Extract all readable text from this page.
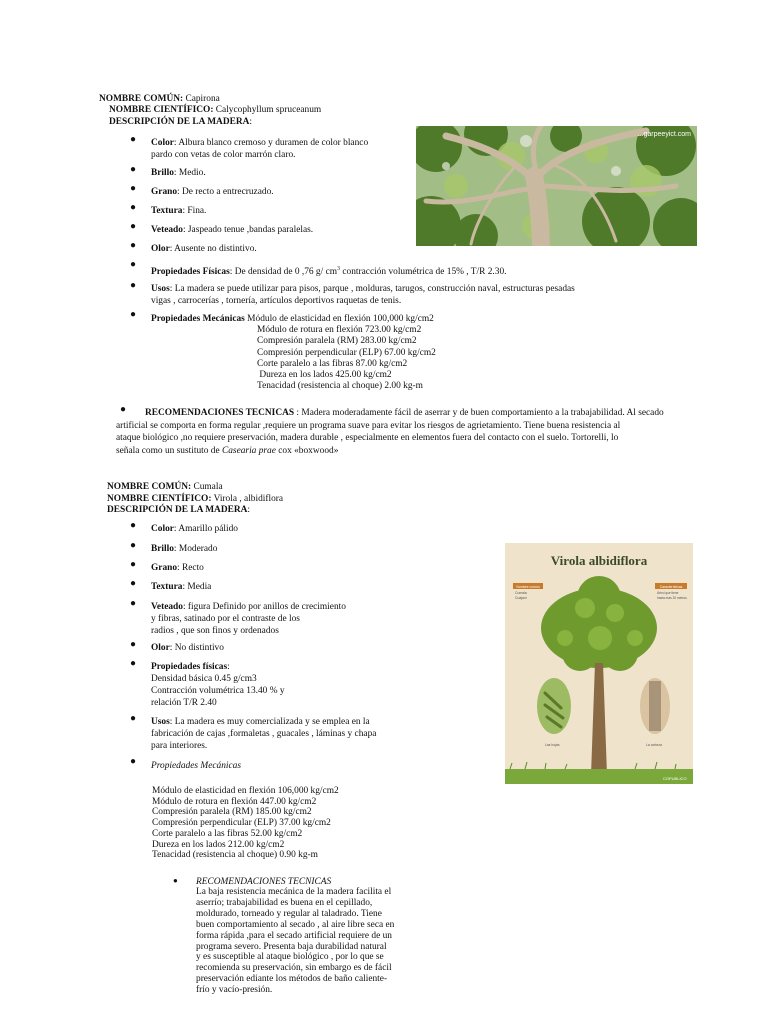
NOMBRE COMÚN: Capirona
NOMBRE CIENTÍFICO: Calycophyllum spruceanum
DESCRIPCIÓN DE LA MADERA:
● Color: Albura blanco cremoso y duramen de color blanco
pardo con vetas de color marrón claro.
● Brillo: Medio.
● Grano: De recto a entrecruzado.
● Textura: Fina.
● Veteado: Jaspeado tenue ,bandas paralelas.
● Olor: Ausente no distintivo.
●
Propiedades Físicas: De densidad de 0 ,76 g/ $cm^3$ contracción volumétrica de 15% , T/R 2.30.
● Usos: La madera se puede utilizar para pisos, parque , molduras, tarugos, construcción naval, estructuras pesadas
vigas , carrocerías , tornería, artículos deportivos raquetas de tenis.
● Propiedades Mecánicas Módulo de elasticidad en flexión 100,000 kg/cm2
Módulo de rotura en flexión 723.00 kg/cm2
Compresión paralela (RM) 283.00 kg/cm2
Compresión perpendicular (ELP) 67.00 kg/cm2
Corte paralelo a las fibras 87.00 kg/cm2
Dureza en los lados 425.00 kg/cm2
Tenacidad (resistencia al choque) 2.00 kg-m
● RECOMENDACIONES TECNICAS : Madera moderadamente fácil de aserrar y de buen comportamiento a la trabajabilidad. Al secado
artificial se comporta en forma regular ,requiere un programa suave para evitar los riesgos de agrietamiento. Tiene buena resistencia al
ataque biológico ,no requiere preservación, madera durable , especialmente en elementos fuera del contacto con el suelo. Tortorelli, lo
señala como un sustituto de Casearia prae cox «boxwood»
...garpeeyict.com
NOMBRE COMÚN: Cumala
NOMBRE CIENTÍFICO: Virola , albidiflora
DESCRIPCIÓN DE LA MADERA:
● Color: Amarillo pálido
● Brillo: Moderado
● Grano: Recto
● Textura: Media
● Veteado: figura Definido por anillos de crecimiento
y fibras, satinado por el contraste de los
radios , que son finos y ordenados
● Olor: No distintivo
● Propiedades físicas:
Densidad básica 0.45 g/cm3
Contracción volumétrica 13.40 % y
relación T/R 2.40
● Usos: La madera es muy comercializada y se emplea en la
fabricación de cajas ,formaletas , guacales , láminas y chapa
para interiores.
● Propiedades Mecánicas
Módulo de elasticidad en flexión 106,000 kg/cm2
Módulo de rotura en flexión 447.00 kg/cm2
Compresión paralela (RM) 185.00 kg/cm2
Compresión perpendicular (ELP) 37.00 kg/cm2
Corte paralelo a las fibras 52.00 kg/cm2
Dureza en los lados 212.00 kg/cm2
Tenacidad (resistencia al choque) 0.90 kg-m
● RECOMENDACIONES TECNICAS
La baja resistencia mecánica de la madera facilita el
aserrío; trabajabilidad es buena en el cepillado,
moldurado, torneado y regular al taladrado. Tiene
buen comportamiento al secado , al aire libre seca en
forma rápida ,para el secado artificial requiere de un
programa severo. Presenta baja durabilidad natural
y es susceptible al ataque biológico , por lo que se
recomienda su preservación, sin embargo es de fácil
preservación ediante los métodos de baño caliente-
frío y vacío-presión.
Virola albidiflora
Nombre común
Cumala
Cuajaní
Características
Árbol que tiene
hasta más 20 metros
Las hojas	La corteza
COPUBLICO
